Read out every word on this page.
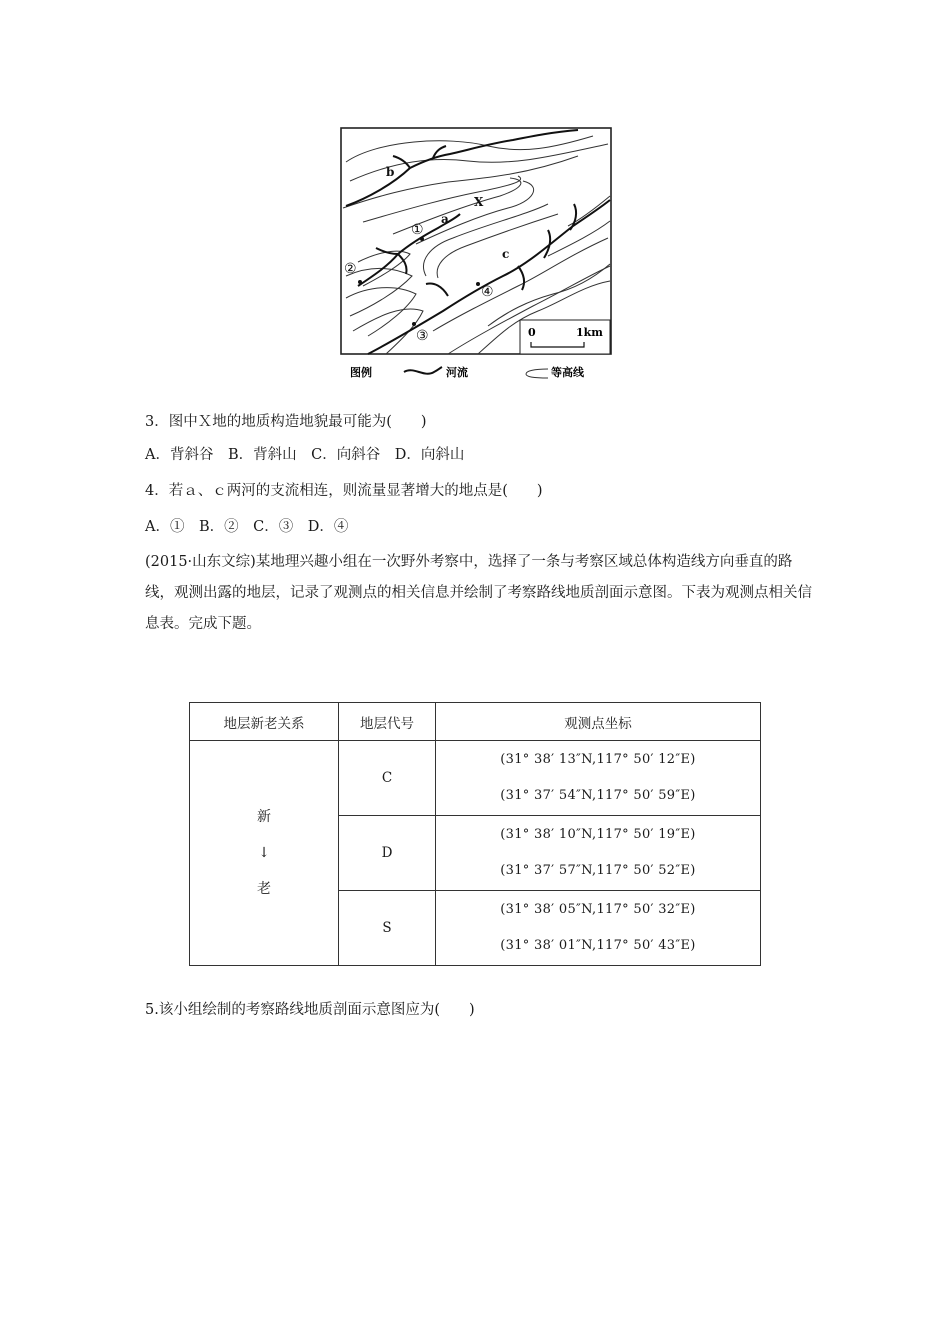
b
X
a
c
①
②
③
④
0	1km
图例	河流	等高线
3．图中Ｘ地的地质构造地貌最可能为(　　)
A．背斜谷　B．背斜山　C．向斜谷　D．向斜山
4．若ａ、ｃ两河的支流相连，则流量显著增大的地点是(　　)
A．①　B．②　C．③　D．④
(2015·山东文综)某地理兴趣小组在一次野外考察中，选择了一条与考察区域总体构造线方向垂直的路线，观测出露的地层，记录了观测点的相关信息并绘制了考察路线地质剖面示意图。下表为观测点相关信息表。完成下题。
地层新老关系	地层代号	观测点坐标

新
↓
老	C	(31° 38′ 13″N,117° 50′ 12″E)
(31° 37′ 54″N,117° 50′ 59″E)

	D	(31° 38′ 10″N,117° 50′ 19″E)
(31° 37′ 57″N,117° 50′ 52″E)

	S	(31° 38′ 05″N,117° 50′ 32″E)
(31° 38′ 01″N,117° 50′ 43″E)
5.该小组绘制的考察路线地质剖面示意图应为(　　)
